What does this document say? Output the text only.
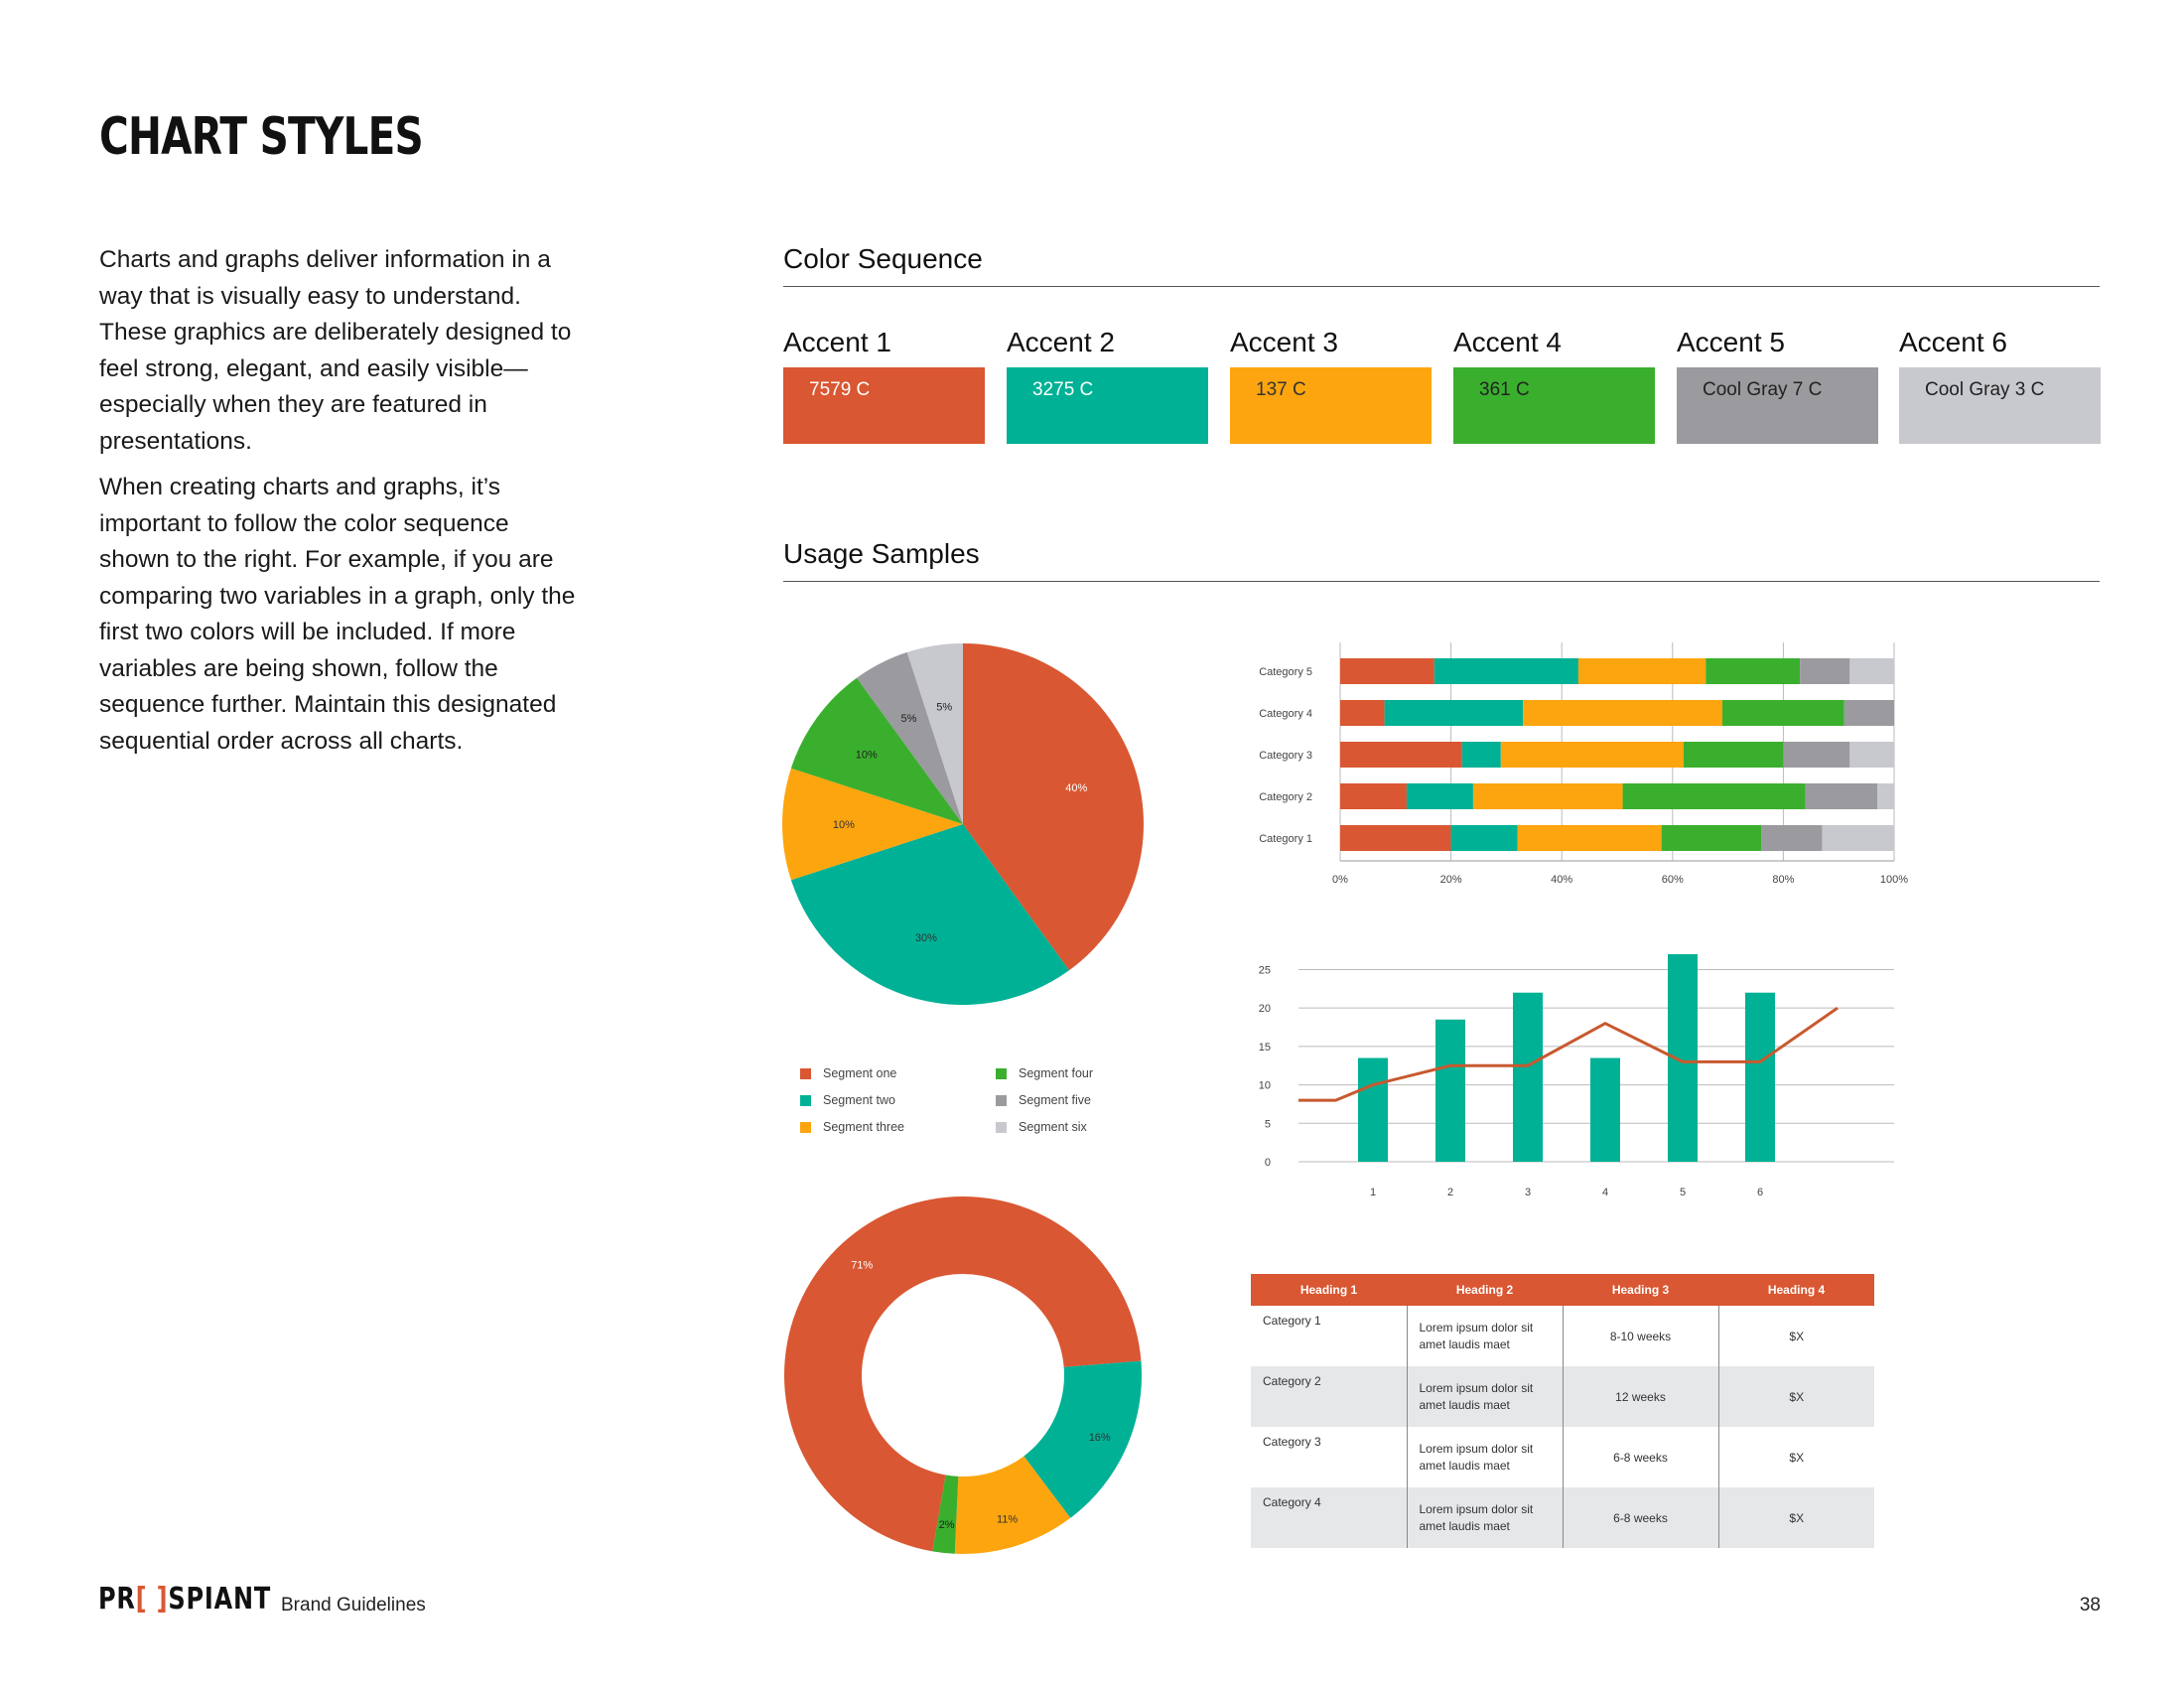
CHART STYLES

Charts and graphs deliver information in a way that is visually easy to understand. These graphics are deliberately designed to feel strong, elegant, and easily visible—especially when they are featured in presentations.

When creating charts and graphs, it’s important to follow the color sequence shown to the right. For example, if you are comparing two variables in a graph, only the first two colors will be included. If more variables are being shown, follow the sequence further. Maintain this designated sequential order across all charts.

Color Sequence
Accent 1
7579 C
Accent 2
3275 C
Accent 3
137 C
Accent 4
361 C
Accent 5
Cool Gray 7 C
Accent 6
Cool Gray 3 C
Usage Samples
40%
30%
10%
10%
5%
5%
Segment one
Segment two
Segment three
Segment four
Segment five
Segment six
0%	20%	40%	60%	80%	100%
Category 5
Category 4
Category 3
Category 2
Category 1
0
5
10
15
20
25
1	2	3	4	5	6
71%
16%
11%
2%
Heading 1	Heading 2	Heading 3	Heading 4
Category 1	Lorem ipsum dolor sit
amet laudis maet	8-10 weeks	$X
Category 2	Lorem ipsum dolor sit
amet laudis maet	12 weeks	$X
Category 3	Lorem ipsum dolor sit
amet laudis maet	6-8 weeks	$X
Category 4	Lorem ipsum dolor sit
amet laudis maet	6-8 weeks	$X
PR[ ]SPIANT Brand Guidelines	38
